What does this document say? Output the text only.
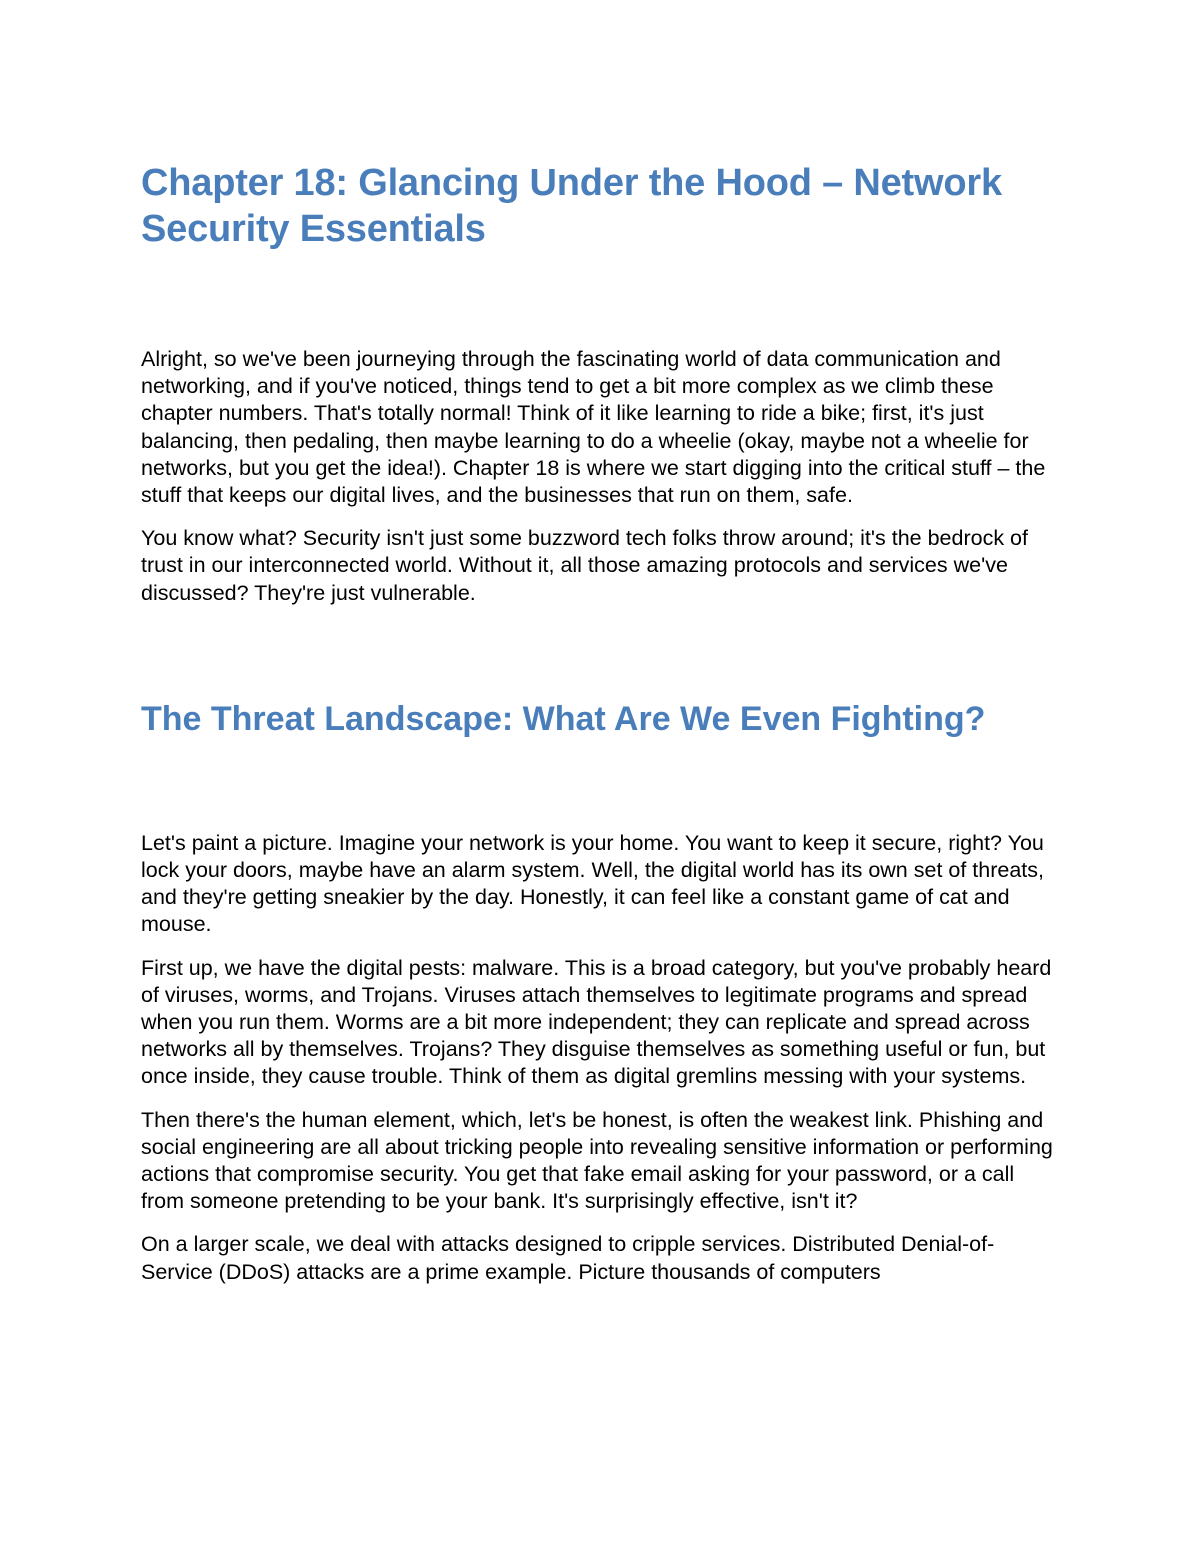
Chapter 18: Glancing Under the Hood – Network Security Essentials

Alright, so we've been journeying through the fascinating world of data communication and networking, and if you've noticed, things tend to get a bit more complex as we climb these chapter numbers. That's totally normal! Think of it like learning to ride a bike; first, it's just balancing, then pedaling, then maybe learning to do a wheelie (okay, maybe not a wheelie for networks, but you get the idea!). Chapter 18 is where we start digging into the critical stuff – the stuff that keeps our digital lives, and the businesses that run on them, safe.

You know what? Security isn't just some buzzword tech folks throw around; it's the bedrock of trust in our interconnected world. Without it, all those amazing protocols and services we've discussed? They're just vulnerable.

The Threat Landscape: What Are We Even Fighting?

Let's paint a picture. Imagine your network is your home. You want to keep it secure, right? You lock your doors, maybe have an alarm system. Well, the digital world has its own set of threats, and they're getting sneakier by the day. Honestly, it can feel like a constant game of cat and mouse.

First up, we have the digital pests: malware. This is a broad category, but you've probably heard of viruses, worms, and Trojans. Viruses attach themselves to legitimate programs and spread when you run them. Worms are a bit more independent; they can replicate and spread across networks all by themselves. Trojans? They disguise themselves as something useful or fun, but once inside, they cause trouble. Think of them as digital gremlins messing with your systems.

Then there's the human element, which, let's be honest, is often the weakest link. Phishing and social engineering are all about tricking people into revealing sensitive information or performing actions that compromise security. You get that fake email asking for your password, or a call from someone pretending to be your bank. It's surprisingly effective, isn't it?

On a larger scale, we deal with attacks designed to cripple services. Distributed Denial-of-Service (DDoS) attacks are a prime example. Picture thousands of computers
